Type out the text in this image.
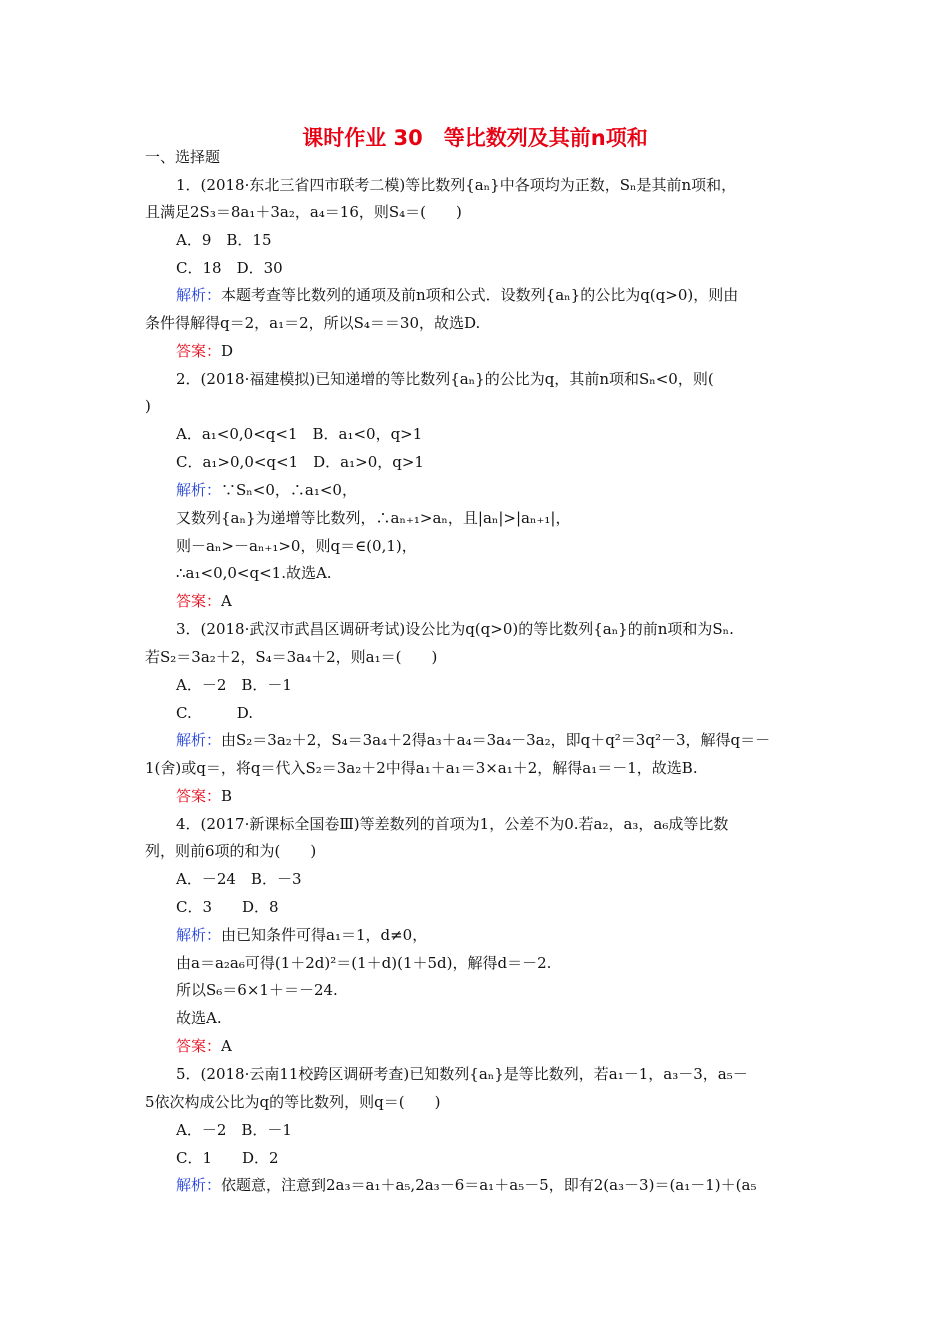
课时作业 30　等比数列及其前n项和
一、选择题
1．(2018·东北三省四市联考二模)等比数列{aₙ}中各项均为正数，Sₙ是其前n项和，
且满足2S₃＝8a₁＋3a₂，a₄＝16，则S₄＝(　　)
A．9　B．15
C．18　D．30
解析：本题考查等比数列的通项及前n项和公式．设数列{aₙ}的公比为q(q>0)，则由
条件得解得q＝2，a₁＝2，所以S₄＝＝30，故选D.
答案：D
2．(2018·福建模拟)已知递增的等比数列{aₙ}的公比为q，其前n项和Sₙ<0，则(
)
A．a₁<0,0<q<1　B．a₁<0，q>1
C．a₁>0,0<q<1　D．a₁>0，q>1
解析：∵Sₙ<0，∴a₁<0，
又数列{aₙ}为递增等比数列，∴aₙ₊₁>aₙ，且|aₙ|>|aₙ₊₁|，
则－aₙ>－aₙ₊₁>0，则q＝∈(0,1)，
∴a₁<0,0<q<1.故选A.
答案：A
3．(2018·武汉市武昌区调研考试)设公比为q(q>0)的等比数列{aₙ}的前n项和为Sₙ.
若S₂＝3a₂＋2，S₄＝3a₄＋2，则a₁＝(　　)
A．－2　B．－1
C.　　　D.
解析：由S₂＝3a₂＋2，S₄＝3a₄＋2得a₃＋a₄＝3a₄－3a₂，即q＋q²＝3q²－3，解得q＝－
1(舍)或q＝，将q＝代入S₂＝3a₂＋2中得a₁＋a₁＝3×a₁＋2，解得a₁＝－1，故选B.
答案：B
4．(2017·新课标全国卷Ⅲ)等差数列的首项为1，公差不为0.若a₂，a₃，a₆成等比数
列，则前6项的和为(　　)
A．－24　B．－3
C．3　　D．8
解析：由已知条件可得a₁＝1，d≠0，
由a＝a₂a₆可得(1＋2d)²＝(1＋d)(1＋5d)，解得d＝－2.
所以S₆＝6×1＋＝－24.
故选A.
答案：A
5．(2018·云南11校跨区调研考查)已知数列{aₙ}是等比数列，若a₁－1，a₃－3，a₅－
5依次构成公比为q的等比数列，则q＝(　　)
A．－2　B．－1
C．1　　D．2
解析：依题意，注意到2a₃＝a₁＋a₅,2a₃－6＝a₁＋a₅－5，即有2(a₃－3)＝(a₁－1)＋(a₅
